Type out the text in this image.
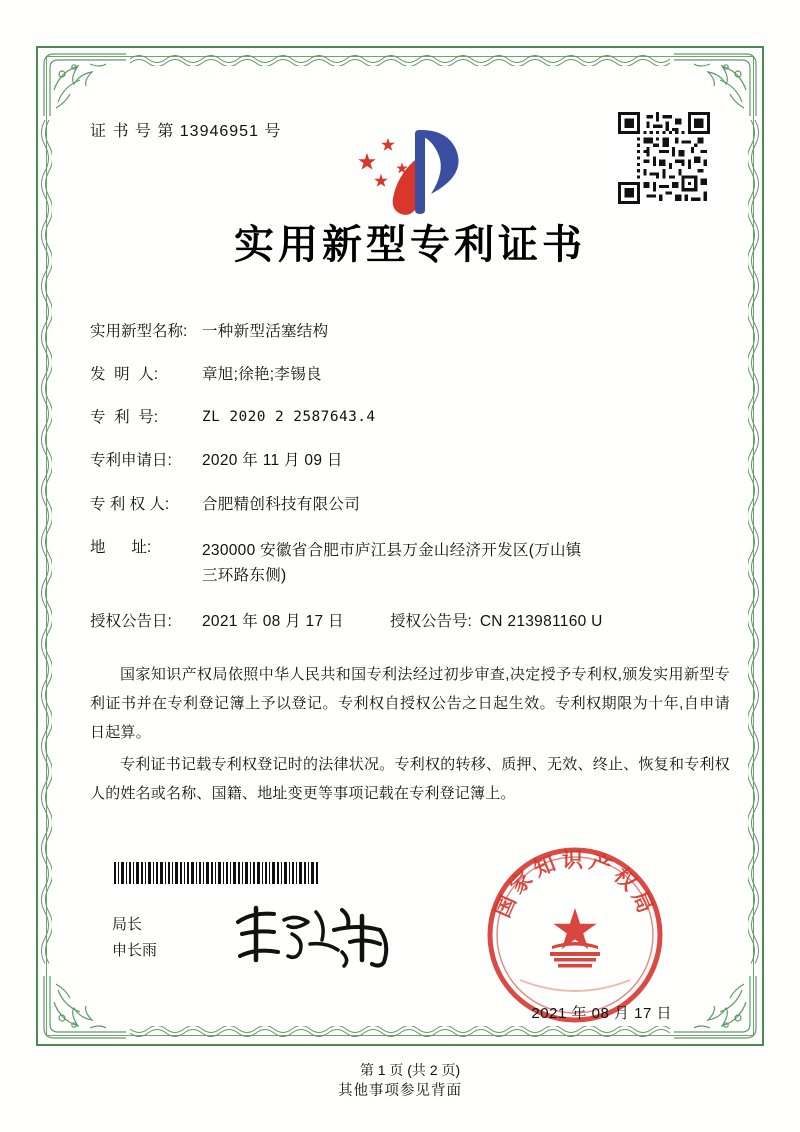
证 书 号 第 13946951 号
实用新型专利证书
实用新型名称: 一种新型活塞结构
发  明  人:	章旭;徐艳;李锡良
专  利  号:	ZL 2020 2 2587643.4
专利申请日:	2020 年 11 月 09 日
专 利 权 人:	合肥精创科技有限公司
地      址:	230000 安徽省合肥市庐江县万金山经济开发区(万山镇
三环路东侧)
授权公告日:	2021 年 08 月 17 日	授权公告号: CN 213981160 U

国家知识产权局依照中华人民共和国专利法经过初步审查,决定授予专利权,颁发实用新型专利证书并在专利登记簿上予以登记。专利权自授权公告之日起生效。专利权期限为十年,自申请日起算。

专利证书记载专利权登记时的法律状况。专利权的转移、质押、无效、终止、恢复和专利权人的姓名或名称、国籍、地址变更等事项记载在专利登记簿上。

局长
申长雨
国家知识产权局
2021 年 08 月 17 日
第 1 页 (共 2 页)
其他事项参见背面
